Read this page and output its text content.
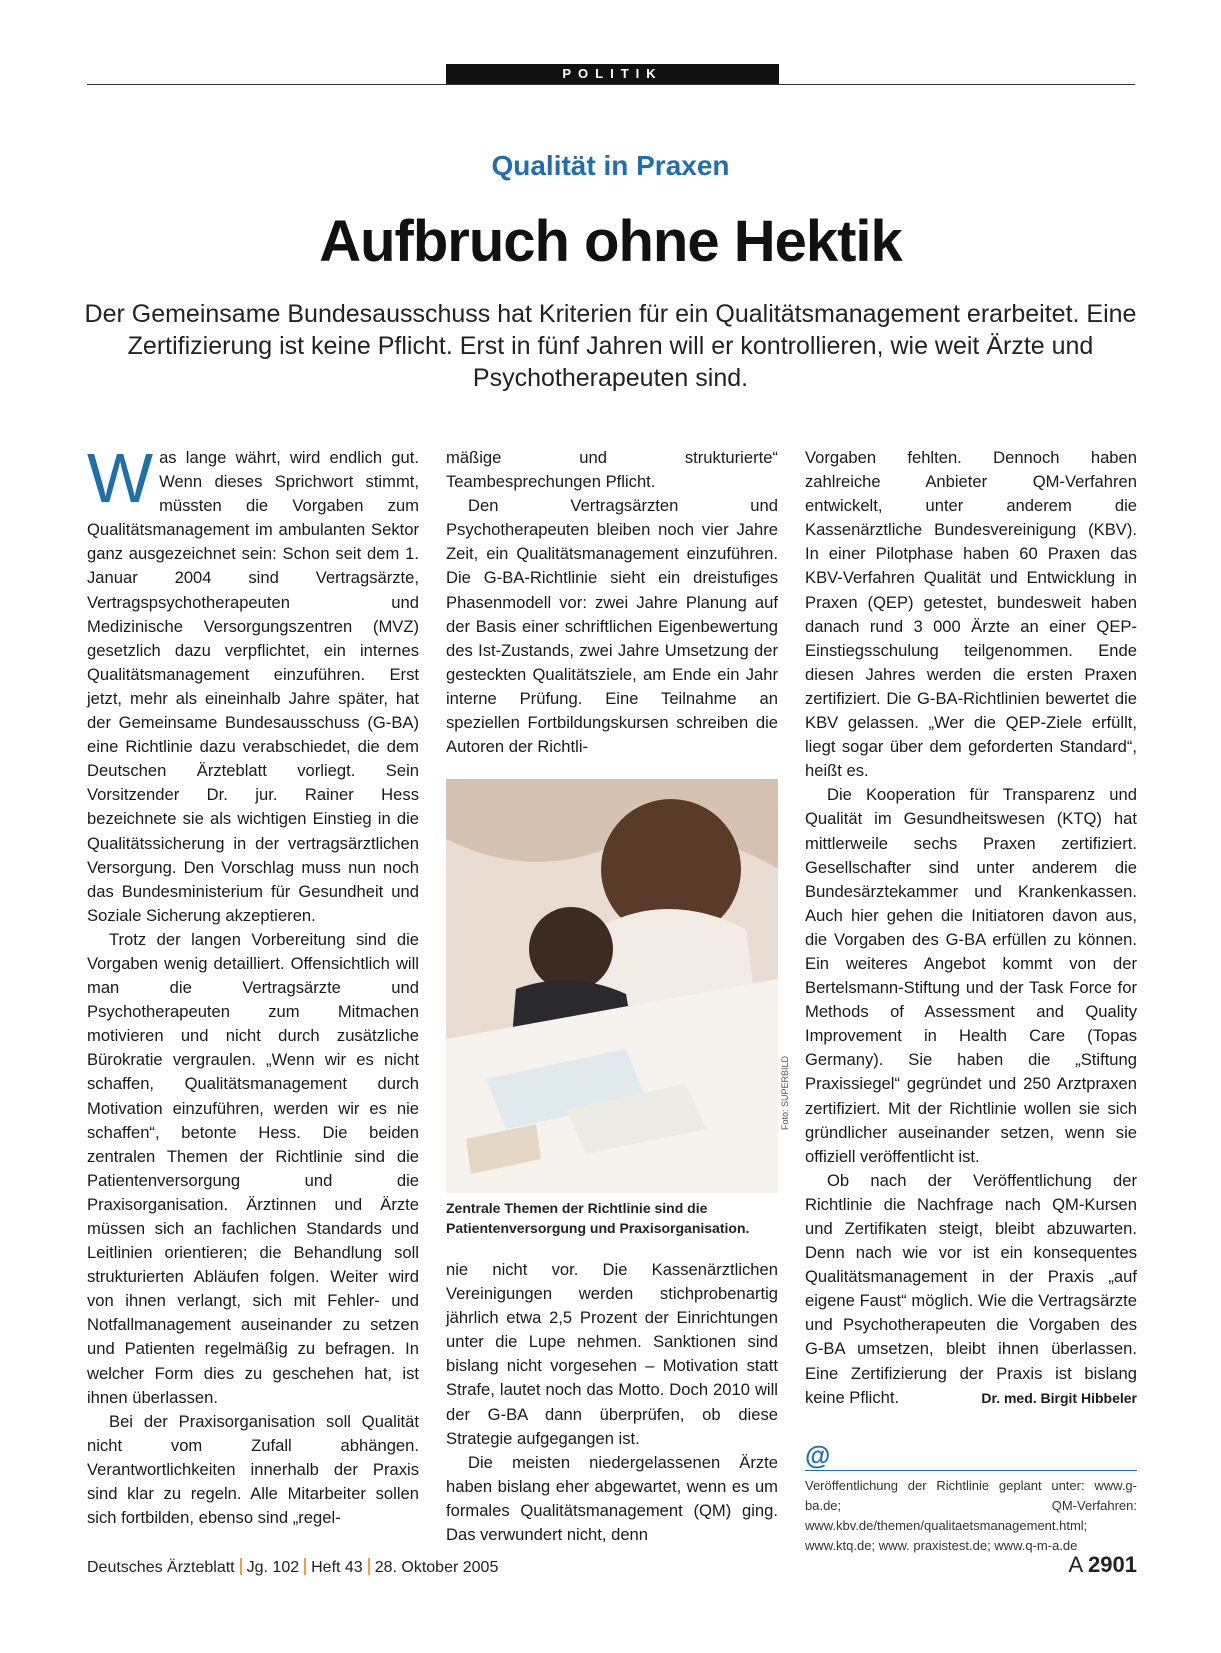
POLITIK
Qualität in Praxen
Aufbruch ohne Hektik
Der Gemeinsame Bundesausschuss hat Kriterien für ein Qualitätsmanagement erarbeitet. Eine Zertifizierung ist keine Pflicht. Erst in fünf Jahren will er kontrollieren, wie weit Ärzte und Psychotherapeuten sind.

Was lange währt, wird endlich gut. Wenn dieses Sprichwort stimmt, müssten die Vorgaben zum Qualitätsmanagement im ambulanten Sektor ganz ausgezeichnet sein: Schon seit dem 1. Januar 2004 sind Vertragsärzte, Vertragspsychotherapeuten und Medizinische Versorgungszentren (MVZ) gesetzlich dazu verpflichtet, ein internes Qualitätsmanagement einzuführen. Erst jetzt, mehr als eineinhalb Jahre später, hat der Gemeinsame Bundesausschuss (G-BA) eine Richtlinie dazu verabschiedet, die dem Deutschen Ärzteblatt vorliegt. Sein Vorsitzender Dr. jur. Rainer Hess bezeichnete sie als wichtigen Einstieg in die Qualitätssicherung in der vertragsärztlichen Versorgung. Den Vorschlag muss nun noch das Bundesministerium für Gesundheit und Soziale Sicherung akzeptieren.

Trotz der langen Vorbereitung sind die Vorgaben wenig detailliert. Offensichtlich will man die Vertragsärzte und Psychotherapeuten zum Mitmachen motivieren und nicht durch zusätzliche Bürokratie vergraulen. „Wenn wir es nicht schaffen, Qualitätsmanagement durch Motivation einzuführen, werden wir es nie schaffen“, betonte Hess. Die beiden zentralen Themen der Richtlinie sind die Patientenversorgung und die Praxisorganisation. Ärztinnen und Ärzte müssen sich an fachlichen Standards und Leitlinien orientieren; die Behandlung soll strukturierten Abläufen folgen. Weiter wird von ihnen verlangt, sich mit Fehler- und Notfallmanagement auseinander zu setzen und Patienten regelmäßig zu befragen. In welcher Form dies zu geschehen hat, ist ihnen überlassen.

Bei der Praxisorganisation soll Qualität nicht vom Zufall abhängen. Verantwortlichkeiten innerhalb der Praxis sind klar zu regeln. Alle Mitarbeiter sollen sich fortbilden, ebenso sind „regel-

mäßige und strukturierte“ Teambesprechungen Pflicht.

Den Vertragsärzten und Psychotherapeuten bleiben noch vier Jahre Zeit, ein Qualitätsmanagement einzuführen. Die G-BA-Richtlinie sieht ein dreistufiges Phasenmodell vor: zwei Jahre Planung auf der Basis einer schriftlichen Eigenbewertung des Ist-Zustands, zwei Jahre Umsetzung der gesteckten Qualitätsziele, am Ende ein Jahr interne Prüfung. Eine Teilnahme an speziellen Fortbildungskursen schreiben die Autoren der Richtli-

Foto: SUPERBILD
Zentrale Themen der Richtlinie sind die Patientenversorgung und Praxisorganisation.

nie nicht vor. Die Kassenärztlichen Vereinigungen werden stichprobenartig jährlich etwa 2,5 Prozent der Einrichtungen unter die Lupe nehmen. Sanktionen sind bislang nicht vorgesehen – Motivation statt Strafe, lautet noch das Motto. Doch 2010 will der G-BA dann überprüfen, ob diese Strategie aufgegangen ist.

Die meisten niedergelassenen Ärzte haben bislang eher abgewartet, wenn es um formales Qualitätsmanagement (QM) ging. Das verwundert nicht, denn

Vorgaben fehlten. Dennoch haben zahlreiche Anbieter QM-Verfahren entwickelt, unter anderem die Kassenärztliche Bundesvereinigung (KBV). In einer Pilotphase haben 60 Praxen das KBV-Verfahren Qualität und Entwicklung in Praxen (QEP) getestet, bundesweit haben danach rund 3 000 Ärzte an einer QEP-Einstiegsschulung teilgenommen. Ende diesen Jahres werden die ersten Praxen zertifiziert. Die G-BA-Richtlinien bewertet die KBV gelassen. „Wer die QEP-Ziele erfüllt, liegt sogar über dem geforderten Standard“, heißt es.

Die Kooperation für Transparenz und Qualität im Gesundheitswesen (KTQ) hat mittlerweile sechs Praxen zertifiziert. Gesellschafter sind unter anderem die Bundesärztekammer und Krankenkassen. Auch hier gehen die Initiatoren davon aus, die Vorgaben des G-BA erfüllen zu können. Ein weiteres Angebot kommt von der Bertelsmann-Stiftung und der Task Force for Methods of Assessment and Quality Improvement in Health Care (Topas Germany). Sie haben die „Stiftung Praxissiegel“ gegründet und 250 Arztpraxen zertifiziert. Mit der Richtlinie wollen sie sich gründlicher auseinander setzen, wenn sie offiziell veröffentlicht ist.

Ob nach der Veröffentlichung der Richtlinie die Nachfrage nach QM-Kursen und Zertifikaten steigt, bleibt abzuwarten. Denn nach wie vor ist ein konsequentes Qualitätsmanagement in der Praxis „auf eigene Faust“ möglich. Wie die Vertragsärzte und Psychotherapeuten die Vorgaben des G-BA umsetzen, bleibt ihnen überlassen. Eine Zertifizierung der Praxis ist bislang keine Pflicht.	Dr. med. Birgit Hibbeler

@
Veröffentlichung der Richtlinie geplant unter: www.g-ba.de; QM-Verfahren: www.kbv.de/themen/qualitaetsmanagement.html; www.ktq.de; www. praxistest.de; www.q-m-a.de
Deutsches Ärzteblatt Jg. 102 Heft 43 28. Oktober 2005	A 2901
